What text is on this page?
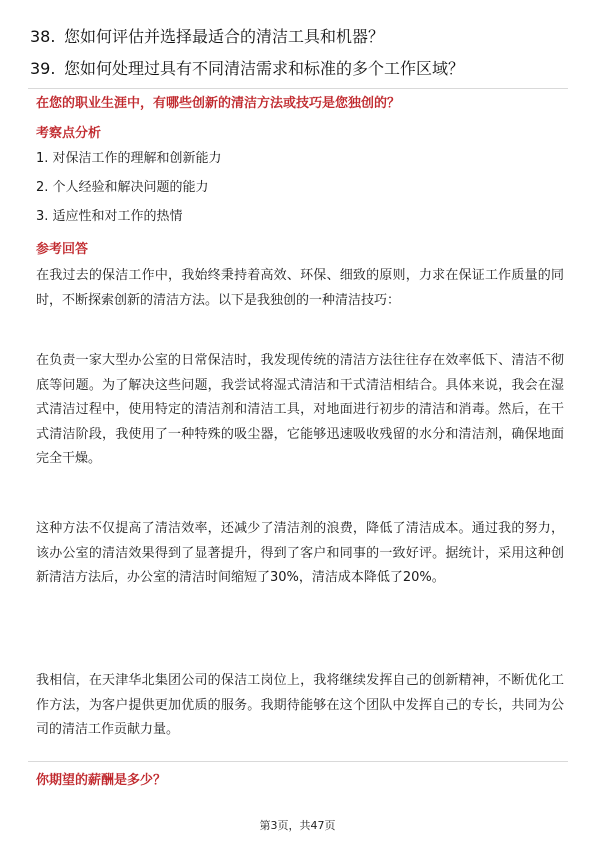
38. 您如何评估并选择最适合的清洁工具和机器？
39. 您如何处理过具有不同清洁需求和标准的多个工作区域？
在您的职业生涯中，有哪些创新的清洁方法或技巧是您独创的？
考察点分析
1. 对保洁工作的理解和创新能力
2. 个人经验和解决问题的能力
3. 适应性和对工作的热情
参考回答
在我过去的保洁工作中，我始终秉持着高效、环保、细致的原则，力求在保证工作质量的同时，不断探索创新的清洁方法。以下是我独创的一种清洁技巧：
在负责一家大型办公室的日常保洁时，我发现传统的清洁方法往往存在效率低下、清洁不彻底等问题。为了解决这些问题，我尝试将湿式清洁和干式清洁相结合。具体来说，我会在湿式清洁过程中，使用特定的清洁剂和清洁工具，对地面进行初步的清洁和消毒。然后，在干式清洁阶段，我使用了一种特殊的吸尘器，它能够迅速吸收残留的水分和清洁剂，确保地面完全干燥。
这种方法不仅提高了清洁效率，还减少了清洁剂的浪费，降低了清洁成本。通过我的努力，该办公室的清洁效果得到了显著提升，得到了客户和同事的一致好评。据统计，采用这种创新清洁方法后，办公室的清洁时间缩短了30%，清洁成本降低了20%。
我相信，在天津华北集团公司的保洁工岗位上，我将继续发挥自己的创新精神，不断优化工作方法，为客户提供更加优质的服务。我期待能够在这个团队中发挥自己的专长，共同为公司的清洁工作贡献力量。
你期望的薪酬是多少？
第3页，共47页
